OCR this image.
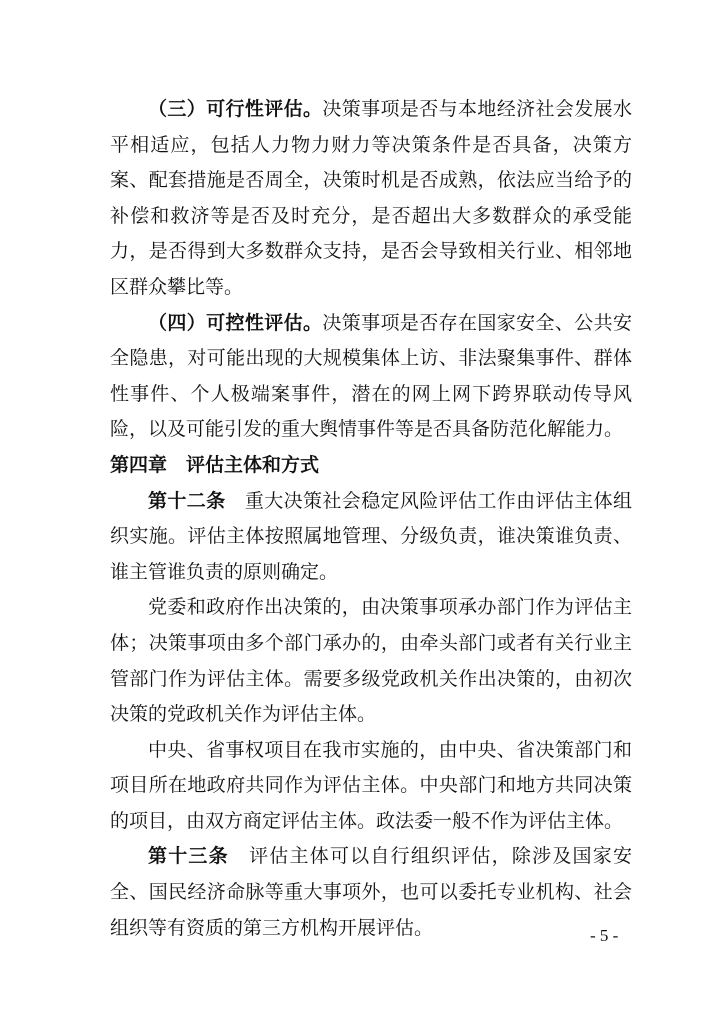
（三）可行性评估。决策事项是否与本地经济社会发展水平相适应，包括人力物力财力等决策条件是否具备，决策方案、配套措施是否周全，决策时机是否成熟，依法应当给予的补偿和救济等是否及时充分，是否超出大多数群众的承受能力，是否得到大多数群众支持，是否会导致相关行业、相邻地区群众攀比等。

（四）可控性评估。决策事项是否存在国家安全、公共安全隐患，对可能出现的大规模集体上访、非法聚集事件、群体性事件、个人极端案事件，潜在的网上网下跨界联动传导风险，以及可能引发的重大舆情事件等是否具备防范化解能力。

第四章　评估主体和方式

第十二条 重大决策社会稳定风险评估工作由评估主体组织实施。评估主体按照属地管理、分级负责，谁决策谁负责、谁主管谁负责的原则确定。

党委和政府作出决策的，由决策事项承办部门作为评估主体；决策事项由多个部门承办的，由牵头部门或者有关行业主管部门作为评估主体。需要多级党政机关作出决策的，由初次决策的党政机关作为评估主体。

中央、省事权项目在我市实施的，由中央、省决策部门和项目所在地政府共同作为评估主体。中央部门和地方共同决策的项目，由双方商定评估主体。政法委一般不作为评估主体。

第十三条 评估主体可以自行组织评估，除涉及国家安全、国民经济命脉等重大事项外，也可以委托专业机构、社会组织等有资质的第三方机构开展评估。	- 5 -
